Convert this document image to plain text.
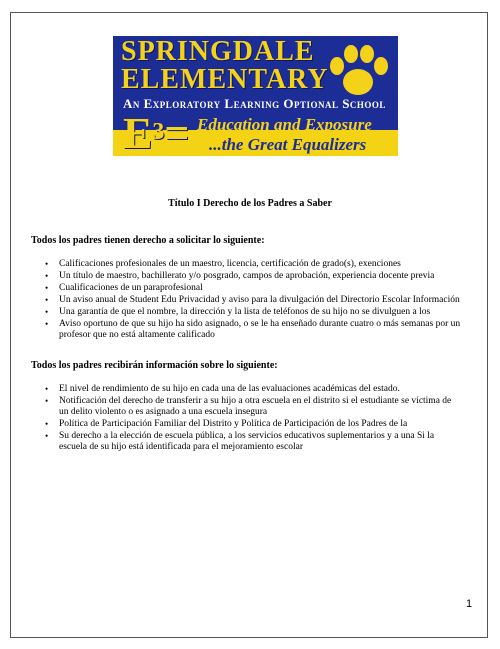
SPRINGDALE
ELEMENTARY
An Exploratory Learning Optional School
$E^3=$ Education and Exposure
...the Great Equalizers
Título I Derecho de los Padres a Saber
Todos los padres tienen derecho a solicitar lo siguiente:
• Calificaciones profesionales de un maestro, licencia, certificación de grado(s), exenciones
• Un título de maestro, bachillerato y/o posgrado, campos de aprobación, experiencia docente previa
• Cualificaciones de un paraprofesional
• Un aviso anual de Student Edu Privacidad y aviso para la divulgación del Directorio Escolar Información
• Una garantía de que el nombre, la dirección y la lista de teléfonos de su hijo no se divulguen a los
• Aviso oportuno de que su hijo ha sido asignado, o se le ha enseñado durante cuatro o más semanas por un profesor que no está altamente calificado
Todos los padres recibirán información sobre lo siguiente:
• El nivel de rendimiento de su hijo en cada una de las evaluaciones académicas del estado.
• Notificación del derecho de transferir a su hijo a otra escuela en el distrito si el estudiante se víctima de un delito violento o es asignado a una escuela insegura
• Política de Participación Familiar del Distrito y Política de Participación de los Padres de la
• Su derecho a la elección de escuela pública, a los servicios educativos suplementarios y a una Si la escuela de su hijo está identificada para el mejoramiento escolar
1
